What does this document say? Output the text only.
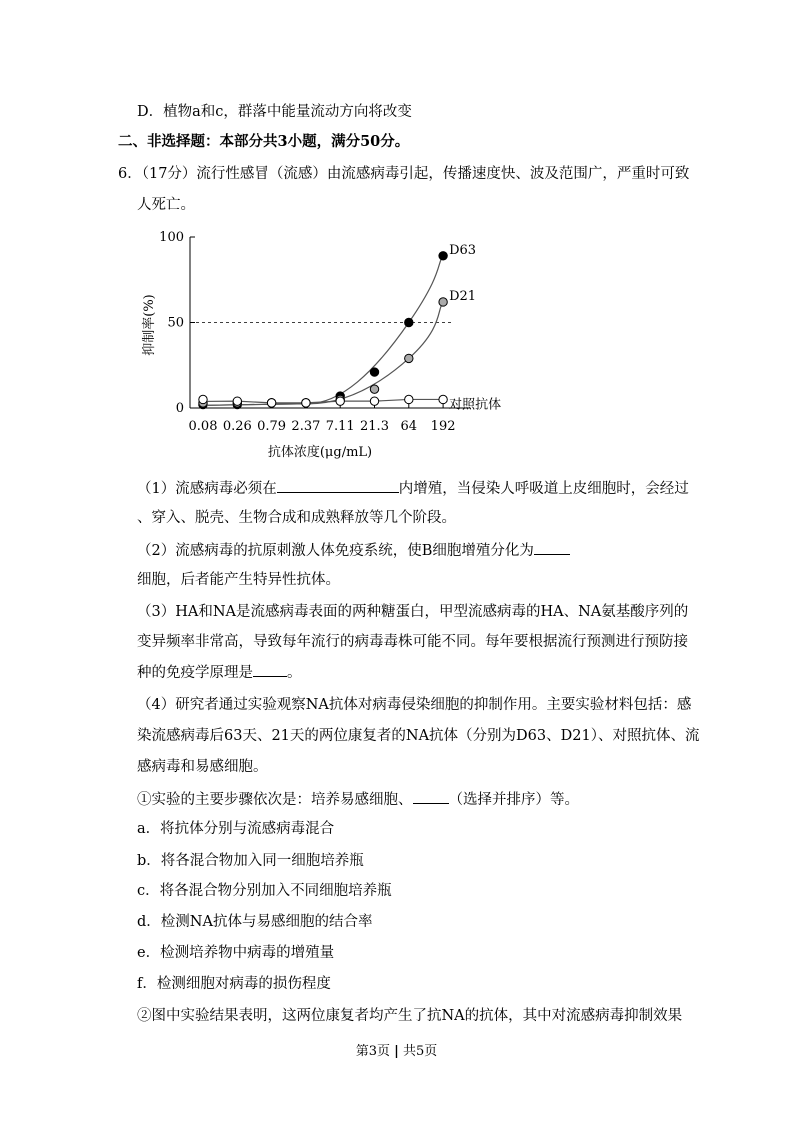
D．植物a和c，群落中能量流动方向将改变
二、非选择题：本部分共3小题，满分50分。
6．（17分）流行性感冒（流感）由流感病毒引起，传播速度快、波及范围广，严重时可致
人死亡。
0
50
100
0.08 0.26 0.79 2.37 7.11 21.3 64 192
D63
D21
对照抗体
抗体浓度(μg/mL)
抑制率(%)
（1）流感病毒必须在	内增殖，当侵染人呼吸道上皮细胞时，会经过
、穿入、脱壳、生物合成和成熟释放等几个阶段。
（2）流感病毒的抗原刺激人体免疫系统，使B细胞增殖分化为
细胞，后者能产生特异性抗体。
（3）HA和NA是流感病毒表面的两种糖蛋白，甲型流感病毒的HA、NA氨基酸序列的
变异频率非常高，导致每年流行的病毒毒株可能不同。每年要根据流行预测进行预防接
种的免疫学原理是 。
（4）研究者通过实验观察NA抗体对病毒侵染细胞的抑制作用。主要实验材料包括：感
染流感病毒后63天、21天的两位康复者的NA抗体（分别为D63、D21）、对照抗体、流
感病毒和易感细胞。
①实验的主要步骤依次是：培养易感细胞、 （选择并排序）等。
a．将抗体分别与流感病毒混合
b．将各混合物加入同一细胞培养瓶
c．将各混合物分别加入不同细胞培养瓶
d．检测NA抗体与易感细胞的结合率
e．检测培养物中病毒的增殖量
f．检测细胞对病毒的损伤程度
②图中实验结果表明，这两位康复者均产生了抗NA的抗体，其中对流感病毒抑制效果
第3页 | 共5页
